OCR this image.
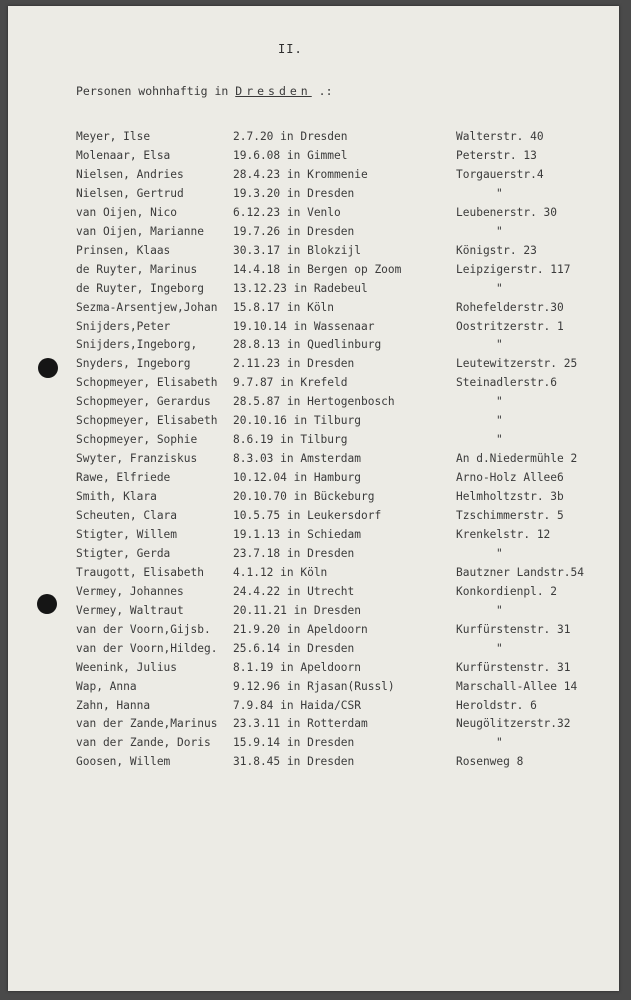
II.
Personen wohnhaftig in Dresden .:
Meyer, Ilse	2.7.20 in Dresden	Walterstr. 40
Molenaar, Elsa	19.6.08 in Gimmel	Peterstr. 13
Nielsen, Andries	28.4.23 in Krommenie	Torgauerstr.4
Nielsen, Gertrud	19.3.20 in Dresden	"
van Oijen, Nico	6.12.23 in Venlo	Leubenerstr. 30
van Oijen, Marianne	19.7.26 in Dresden	"
Prinsen, Klaas	30.3.17 in Blokzijl	Königstr. 23
de Ruyter, Marinus	14.4.18 in Bergen op Zoom	Leipzigerstr. 117
de Ruyter, Ingeborg	13.12.23 in Radebeul	"
Sezma-Arsentjew,Johan	15.8.17 in Köln	Rohefelderstr.30
Snijders,Peter	19.10.14 in Wassenaar	Oostritzerstr. 1
Snijders,Ingeborg,	28.8.13 in Quedlinburg	"
Snyders, Ingeborg	2.11.23 in Dresden	Leutewitzerstr. 25
Schopmeyer, Elisabeth	9.7.87 in Krefeld	Steinadlerstr.6
Schopmeyer, Gerardus	28.5.87 in Hertogenbosch	"
Schopmeyer, Elisabeth	20.10.16 in Tilburg	"
Schopmeyer, Sophie	8.6.19 in Tilburg	"
Swyter, Franziskus	8.3.03 in Amsterdam	An d.Niedermühle 2
Rawe, Elfriede	10.12.04 in Hamburg	Arno-Holz Allee6
Smith, Klara	20.10.70 in Bückeburg	Helmholtzstr. 3b
Scheuten, Clara	10.5.75 in Leukersdorf	Tzschimmerstr. 5
Stigter, Willem	19.1.13 in Schiedam	Krenkelstr. 12
Stigter, Gerda	23.7.18 in Dresden	"
Traugott, Elisabeth	4.1.12 in Köln	Bautzner Landstr.54
Vermey, Johannes	24.4.22 in Utrecht	Konkordienpl. 2
Vermey, Waltraut	20.11.21 in Dresden	"
van der Voorn,Gijsb.	21.9.20 in Apeldoorn	Kurfürstenstr. 31
van der Voorn,Hildeg.	25.6.14 in Dresden	"
Weenink, Julius	8.1.19 in Apeldoorn	Kurfürstenstr. 31
Wap, Anna	9.12.96 in Rjasan(Russl)	Marschall-Allee 14
Zahn, Hanna	7.9.84 in Haida/CSR	Heroldstr. 6
van der Zande,Marinus	23.3.11 in Rotterdam	Neugölitzerstr.32
van der Zande, Doris	15.9.14 in Dresden	"
Goosen, Willem	31.8.45 in Dresden	Rosenweg 8
